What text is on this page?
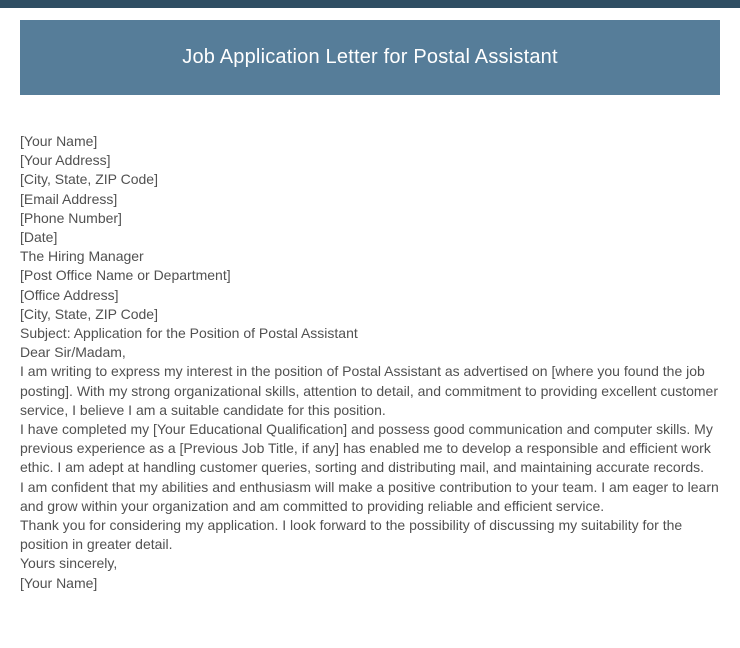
Job Application Letter for Postal Assistant
[Your Name]
[Your Address]
[City, State, ZIP Code]
[Email Address]
[Phone Number]
[Date]
The Hiring Manager
[Post Office Name or Department]
[Office Address]
[City, State, ZIP Code]
Subject: Application for the Position of Postal Assistant
Dear Sir/Madam,
I am writing to express my interest in the position of Postal Assistant as advertised on [where you found the job posting]. With my strong organizational skills, attention to detail, and commitment to providing excellent customer service, I believe I am a suitable candidate for this position.
I have completed my [Your Educational Qualification] and possess good communication and computer skills. My previous experience as a [Previous Job Title, if any] has enabled me to develop a responsible and efficient work ethic. I am adept at handling customer queries, sorting and distributing mail, and maintaining accurate records.
I am confident that my abilities and enthusiasm will make a positive contribution to your team. I am eager to learn and grow within your organization and am committed to providing reliable and efficient service.
Thank you for considering my application. I look forward to the possibility of discussing my suitability for the position in greater detail.
Yours sincerely,
[Your Name]
